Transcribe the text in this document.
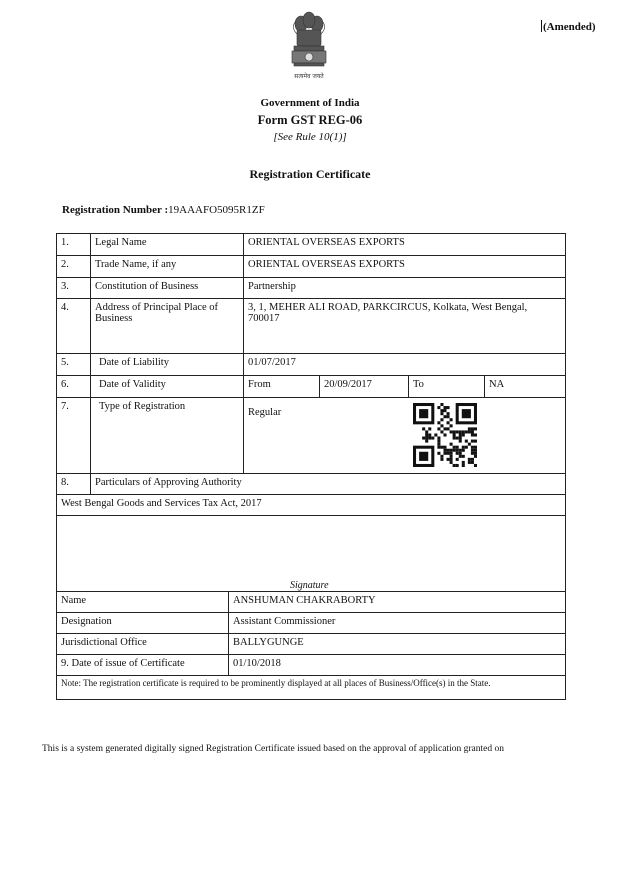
सत्यमेव जयते
(Amended)
Government of India
Form GST REG-06
[See Rule 10(1)]
Registration Certificate
Registration Number :19AAAFO5095R1ZF
1.	Legal Name	ORIENTAL OVERSEAS EXPORTS			
2.	Trade Name, if any	ORIENTAL OVERSEAS EXPORTS			
3.	Constitution of Business	Partnership			
4.	Address of Principal Place of Business	3, 1, MEHER ALI ROAD, PARKCIRCUS, Kolkata, West Bengal, 700017			
5.	Date of Liability	01/07/2017			
6.	Date of Validity	From	20/09/2017	To	NA
7.	Type of Registration	Regular			

8.	Particulars of Approving Authority				
West Bengal Goods and Services Tax Act, 2017					

Signature
Name	ANSHUMAN CHAKRABORTY
Designation	Assistant Commissioner
Jurisdictional Office	BALLYGUNGE
9. Date of issue of Certificate	01/10/2018
Note: The registration certificate is required to be prominently displayed at all places of Business/Office(s) in the State.	
This is a system generated digitally signed Registration Certificate issued based on the approval of application granted on
